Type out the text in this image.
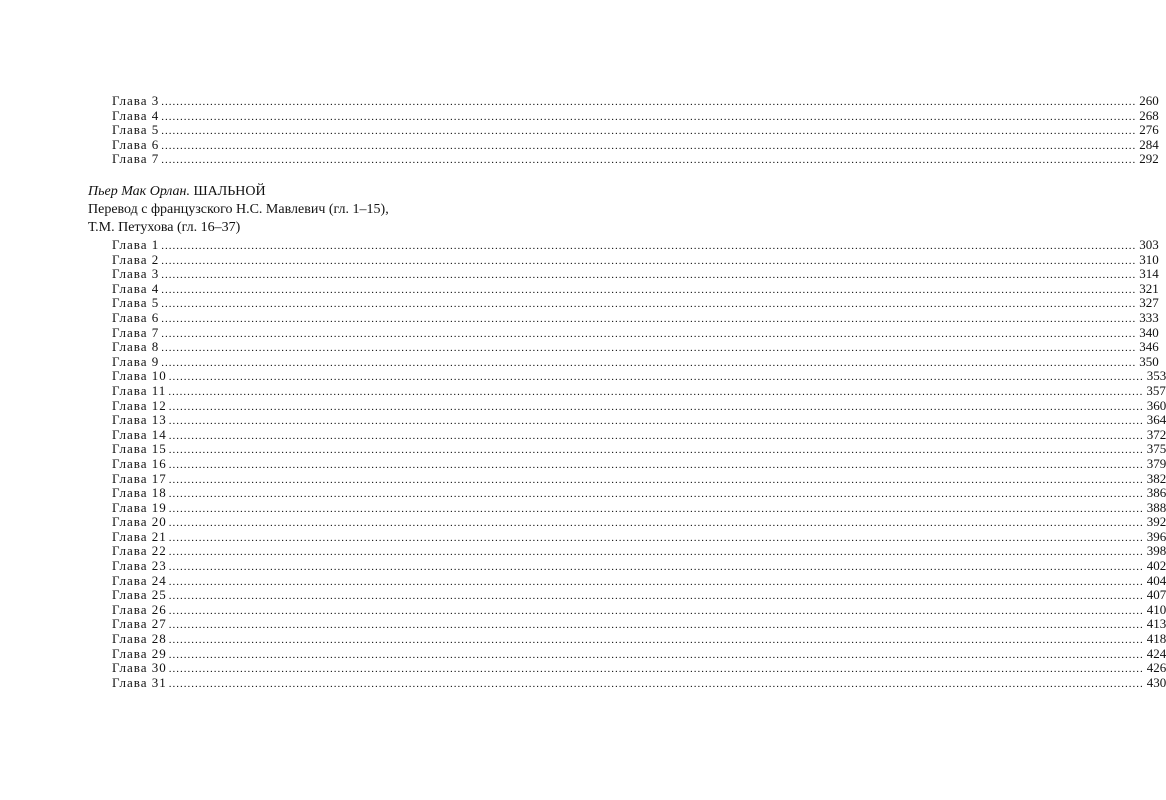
Глава 3 .................................................................................................................................................................................................................................................................... 260
Глава 4 .................................................................................................................................................................................................................................................................... 268
Глава 5 .................................................................................................................................................................................................................................................................... 276
Глава 6 .................................................................................................................................................................................................................................................................... 284
Глава 7 .................................................................................................................................................................................................................................................................... 292
Пьер Мак Орлан. ШАЛЬНОЙ
Перевод с французского Н.С. Мавлевич (гл. 1–15),
Т.М. Петухова (гл. 16–37)
Глава 1 .................................................................................................................................................................................................................................................................... 303
Глава 2 .................................................................................................................................................................................................................................................................... 310
Глава 3 .................................................................................................................................................................................................................................................................... 314
Глава 4 .................................................................................................................................................................................................................................................................... 321
Глава 5 .................................................................................................................................................................................................................................................................... 327
Глава 6 .................................................................................................................................................................................................................................................................... 333
Глава 7 .................................................................................................................................................................................................................................................................... 340
Глава 8 .................................................................................................................................................................................................................................................................... 346
Глава 9 .................................................................................................................................................................................................................................................................... 350
Глава 10 .................................................................................................................................................................................................................................................................... 353
Глава 11 .................................................................................................................................................................................................................................................................... 357
Глава 12 .................................................................................................................................................................................................................................................................... 360
Глава 13 .................................................................................................................................................................................................................................................................... 364
Глава 14 .................................................................................................................................................................................................................................................................... 372
Глава 15 .................................................................................................................................................................................................................................................................... 375
Глава 16 .................................................................................................................................................................................................................................................................... 379
Глава 17 .................................................................................................................................................................................................................................................................... 382
Глава 18 .................................................................................................................................................................................................................................................................... 386
Глава 19 .................................................................................................................................................................................................................................................................... 388
Глава 20 .................................................................................................................................................................................................................................................................... 392
Глава 21 .................................................................................................................................................................................................................................................................... 396
Глава 22 .................................................................................................................................................................................................................................................................... 398
Глава 23 .................................................................................................................................................................................................................................................................... 402
Глава 24 .................................................................................................................................................................................................................................................................... 404
Глава 25 .................................................................................................................................................................................................................................................................... 407
Глава 26 .................................................................................................................................................................................................................................................................... 410
Глава 27 .................................................................................................................................................................................................................................................................... 413
Глава 28 .................................................................................................................................................................................................................................................................... 418
Глава 29 .................................................................................................................................................................................................................................................................... 424
Глава 30 .................................................................................................................................................................................................................................................................... 426
Глава 31 .................................................................................................................................................................................................................................................................... 430
